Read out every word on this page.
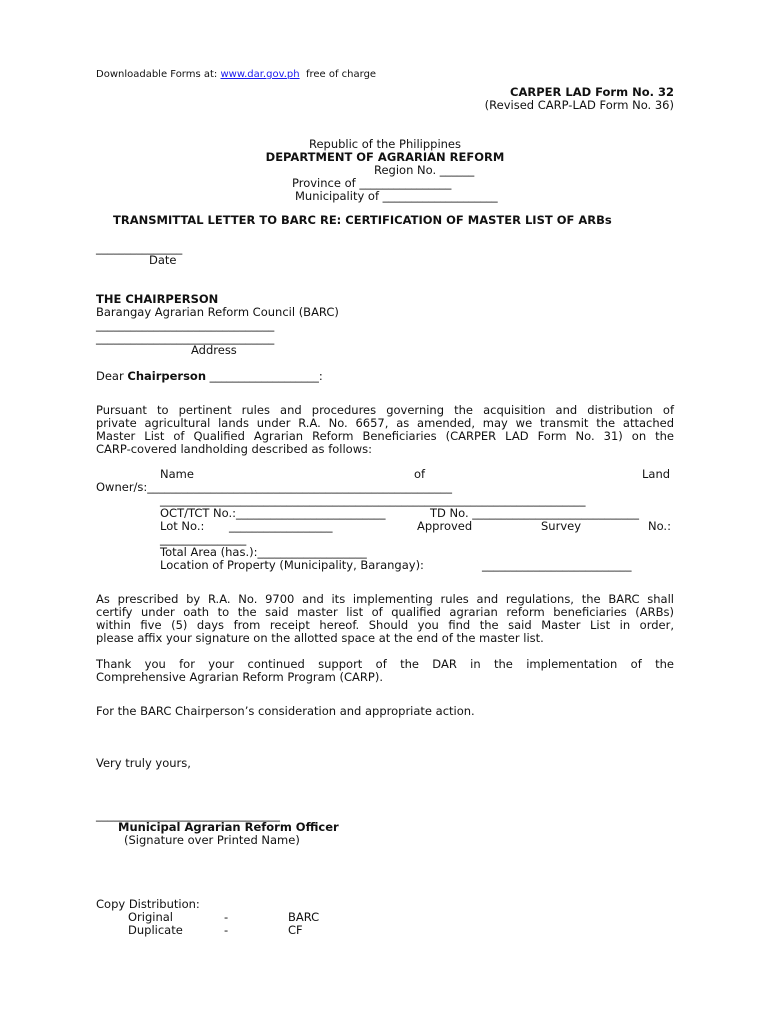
Downloadable Forms at: www.dar.gov.ph  free of charge
CARPER LAD Form No. 32
(Revised CARP-LAD Form No. 36)
Republic of the Philippines
DEPARTMENT OF AGRARIAN REFORM
Region No. ______
Province of ________________
Municipality of ____________________
TRANSMITTAL LETTER TO BARC RE: CERTIFICATION OF MASTER LIST OF ARBs
_______________
Date
THE CHAIRPERSON
Barangay Agrarian Reform Council (BARC)
_______________________________
_______________________________
Address
Dear Chairperson ___________________:
Pursuant to pertinent rules and procedures governing the acquisition and distribution of
private agricultural lands under R.A. No. 6657, as amended, may we transmit the attached
Master List of Qualified Agrarian Reform Beneficiaries (CARPER LAD Form No. 31) on the
CARP-covered landholding described as follows:
Name	of	Land
Owner/s:_____________________________________________________
__________________________________________________________________________
OCT/TCT No.:__________________________	TD No. _____________________________
Lot No.: __________________	Approved	Survey	No.:
_______________
Total Area (has.):___________________
Location of Property (Municipality, Barangay):	__________________________
As prescribed by R.A. No. 9700 and its implementing rules and regulations, the BARC shall
certify under oath to the said master list of qualified agrarian reform beneficiaries (ARBs)
within five (5) days from receipt hereof. Should you find the said Master List in order,
please affix your signature on the allotted space at the end of the master list.
Thank you for your continued support of the DAR in the implementation of the
Comprehensive Agrarian Reform Program (CARP).
For the BARC Chairperson’s consideration and appropriate action.
Very truly yours,
________________________________
Municipal Agrarian Reform Officer
(Signature over Printed Name)
Copy Distribution:
Original	-	BARC
Duplicate	-	CF
